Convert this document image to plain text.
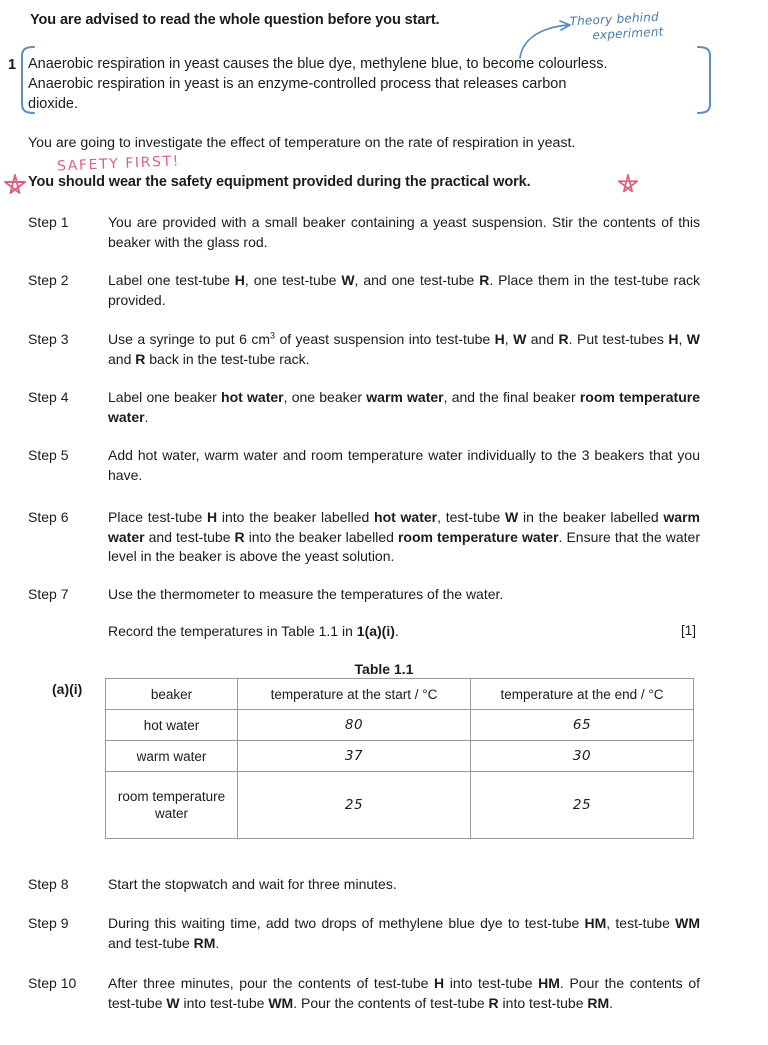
You are advised to read the whole question before you start.
1 Anaerobic respiration in yeast causes the blue dye, methylene blue, to become colourless.
Anaerobic respiration in yeast is an enzyme-controlled process that releases carbon
dioxide.
Theory behind
experiment
You are going to investigate the effect of temperature on the rate of respiration in yeast.
SAFETY FIRST!
You should wear the safety equipment provided during the practical work.
Step 1	You are provided with a small beaker containing a yeast suspension. Stir the contents of this beaker with the glass rod.
Step 2	Label one test-tube H, one test-tube W, and one test-tube R. Place them in the test-tube rack provided.
Step 3	Use a syringe to put 6 $cm^3$ of yeast suspension into test-tube H, W and R. Put test-tubes H, W and R back in the test-tube rack.
Step 4	Label one beaker hot water, one beaker warm water, and the final beaker room temperature water.
Step 5	Add hot water, warm water and room temperature water individually to the 3 beakers that you have.
Step 6	Place test-tube H into the beaker labelled hot water, test-tube W in the beaker labelled warm water and test-tube R into the beaker labelled room temperature water. Ensure that the water level in the beaker is above the yeast solution.
Step 7	Use the thermometer to measure the temperatures of the water.
Step 8	Start the stopwatch and wait for three minutes.
Step 9	During this waiting time, add two drops of methylene blue dye to test-tube HM, test-tube WM and test-tube RM.
Step 10	After three minutes, pour the contents of test-tube H into test-tube HM. Pour the contents of test-tube W into test-tube WM. Pour the contents of test-tube R into test-tube RM.
[1]
Record the temperatures in Table 1.1 in 1(a)(i).
Table 1.1
(a)(i)	beaker	temperature at the start / °C	temperature at the end / °C
hot water	80	65
warm water	37	30
room temperature water	25	25
